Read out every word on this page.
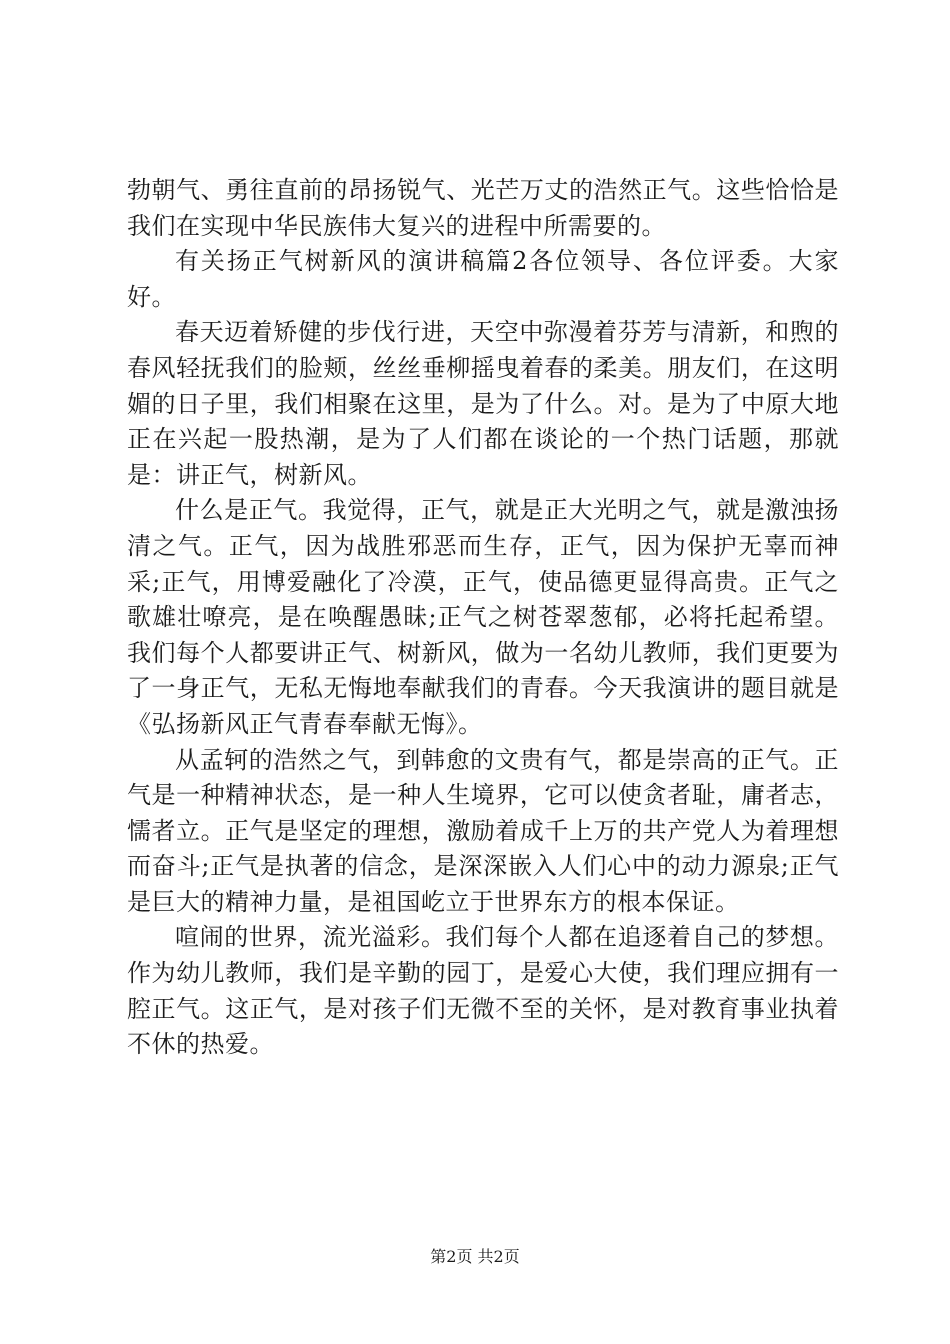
勃朝气、勇往直前的昂扬锐气、光芒万丈的浩然正气。这些恰恰是我们在实现中华民族伟大复兴的进程中所需要的。

有关扬正气树新风的演讲稿篇2各位领导、各位评委。大家好。

春天迈着矫健的步伐行进，天空中弥漫着芬芳与清新，和煦的春风轻抚我们的脸颊，丝丝垂柳摇曳着春的柔美。朋友们，在这明媚的日子里，我们相聚在这里，是为了什么。对。是为了中原大地正在兴起一股热潮，是为了人们都在谈论的一个热门话题，那就是：讲正气，树新风。

什么是正气。我觉得，正气，就是正大光明之气，就是激浊扬清之气。正气，因为战胜邪恶而生存，正气，因为保护无辜而神采;正气，用博爱融化了冷漠，正气，使品德更显得高贵。正气之歌雄壮嘹亮，是在唤醒愚昧;正气之树苍翠葱郁，必将托起希望。我们每个人都要讲正气、树新风，做为一名幼儿教师，我们更要为了一身正气，无私无悔地奉献我们的青春。今天我演讲的题目就是《弘扬新风正气青春奉献无悔》。

从孟轲的浩然之气，到韩愈的文贵有气，都是崇高的正气。正气是一种精神状态，是一种人生境界，它可以使贪者耻，庸者志，懦者立。正气是坚定的理想，激励着成千上万的共产党人为着理想而奋斗;正气是执著的信念，是深深嵌入人们心中的动力源泉;正气是巨大的精神力量，是祖国屹立于世界东方的根本保证。

喧闹的世界，流光溢彩。我们每个人都在追逐着自己的梦想。作为幼儿教师，我们是辛勤的园丁，是爱心大使，我们理应拥有一腔正气。这正气，是对孩子们无微不至的关怀，是对教育事业执着不休的热爱。

第2页 共2页
